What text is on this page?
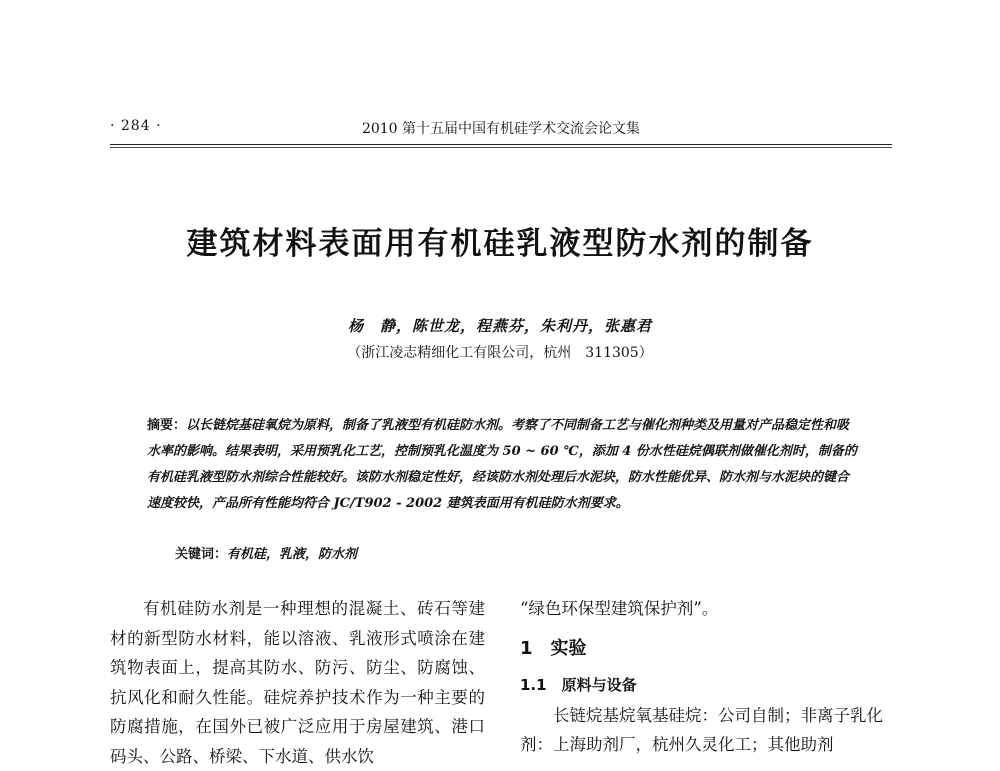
· 284 ·	2010 第十五届中国有机硅学术交流会论文集
建筑材料表面用有机硅乳液型防水剂的制备
杨　静，陈世龙，程燕芬，朱利丹，张惠君
（浙江凌志精细化工有限公司，杭州　311305）
摘要：以长链烷基硅氧烷为原料，制备了乳液型有机硅防水剂。考察了不同制备工艺与催化剂种类及用量对产品稳定性和吸水率的影响。结果表明，采用预乳化工艺，控制预乳化温度为 50 ~ 60 ℃，添加 4 份水性硅烷偶联剂做催化剂时，制备的有机硅乳液型防水剂综合性能较好。该防水剂稳定性好，经该防水剂处理后水泥块，防水性能优异、防水剂与水泥块的键合速度较快，产品所有性能均符合 JC/T902 - 2002 建筑表面用有机硅防水剂要求。
关键词：有机硅，乳液，防水剂

有机硅防水剂是一种理想的混凝土、砖石等建材的新型防水材料，能以溶液、乳液形式喷涂在建筑物表面上，提高其防水、防污、防尘、防腐蚀、抗风化和耐久性能。硅烷养护技术作为一种主要的防腐措施，在国外已被广泛应用于房屋建筑、港口码头、公路、桥梁、下水道、供水饮

“绿色环保型建筑保护剂”。

1　实验

1.1　原料与设备

长链烷基烷氧基硅烷：公司自制；非离子乳化剂：上海助剂厂，杭州久灵化工；其他助剂
